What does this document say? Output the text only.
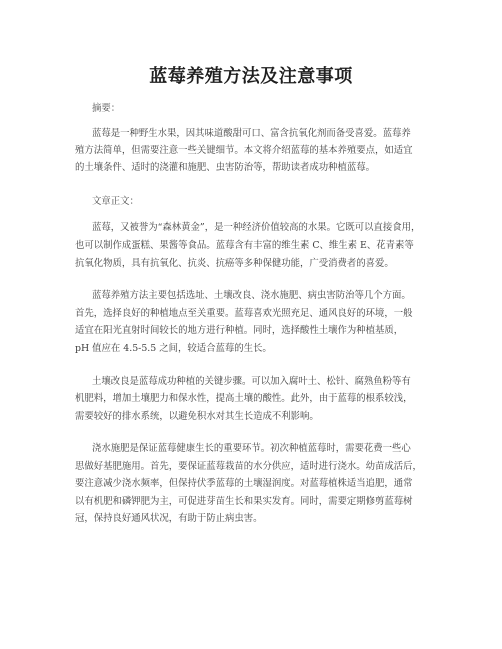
蓝莓养殖方法及注意事项
摘要：
蓝莓是一种野生水果，因其味道酸甜可口、富含抗氧化剂而备受喜爱。蓝莓养
殖方法简单，但需要注意一些关键细节。本文将介绍蓝莓的基本养殖要点，如适宜
的土壤条件、适时的浇灌和施肥、虫害防治等，帮助读者成功种植蓝莓。
文章正文：
蓝莓，又被誉为“森林黄金”，是一种经济价值较高的水果。它既可以直接食用，
也可以制作成蛋糕、果酱等食品。蓝莓含有丰富的维生素 C、维生素 E、花青素等
抗氧化物质，具有抗氧化、抗炎、抗癌等多种保健功能，广受消费者的喜爱。
蓝莓养殖方法主要包括选址、土壤改良、浇水施肥、病虫害防治等几个方面。
首先，选择良好的种植地点至关重要。蓝莓喜欢光照充足、通风良好的环境，一般
适宜在阳光直射时间较长的地方进行种植。同时，选择酸性土壤作为种植基质，
pH 值应在 4.5-5.5 之间，较适合蓝莓的生长。
土壤改良是蓝莓成功种植的关键步骤。可以加入腐叶土、松针、腐熟鱼粉等有
机肥料，增加土壤肥力和保水性，提高土壤的酸性。此外，由于蓝莓的根系较浅，
需要较好的排水系统，以避免积水对其生长造成不利影响。
浇水施肥是保证蓝莓健康生长的重要环节。初次种植蓝莓时，需要花费一些心
思做好基肥施用。首先，要保证蓝莓栽苗的水分供应，适时进行浇水。幼苗成活后，
要注意减少浇水频率，但保持伏季蓝莓的土壤湿润度。对蓝莓植株适当追肥，通常
以有机肥和磷钾肥为主，可促进芽苗生长和果实发育。同时，需要定期修剪蓝莓树
冠，保持良好通风状况，有助于防止病虫害。
